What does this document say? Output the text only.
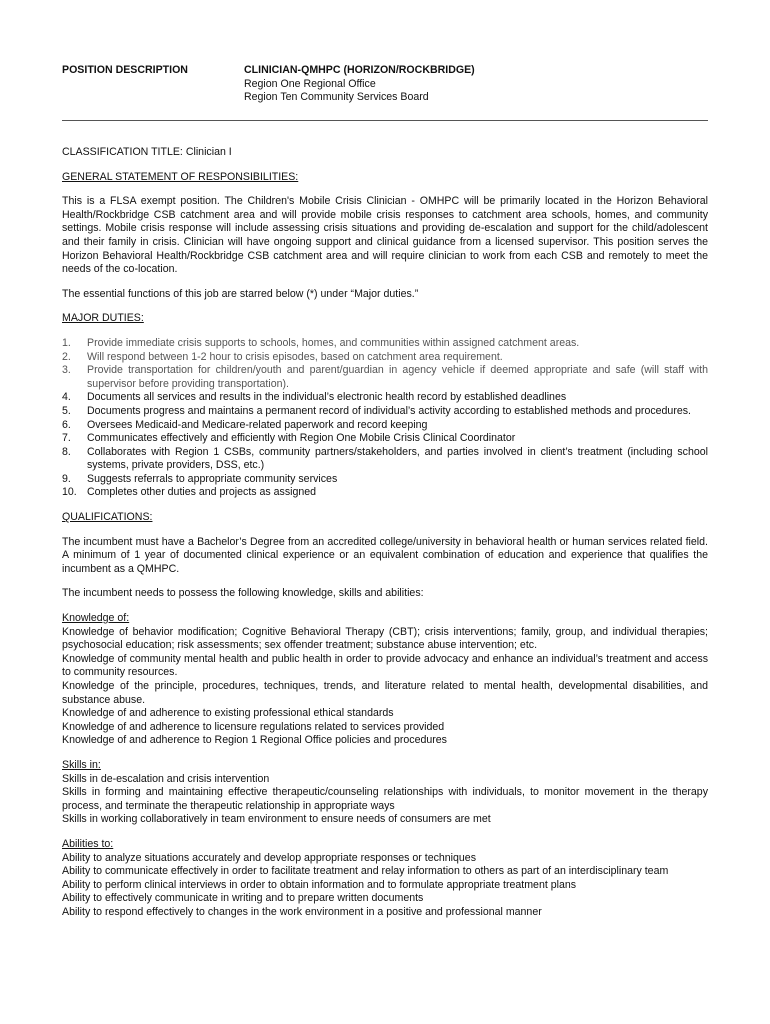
POSITION DESCRIPTION	CLINICIAN-QMHPC (HORIZON/ROCKBRIDGE)
Region One Regional Office
Region Ten Community Services Board
CLASSIFICATION TITLE: Clinician I
GENERAL STATEMENT OF RESPONSIBILITIES:

This is a FLSA exempt position. The Children's Mobile Crisis Clinician - OMHPC will be primarily located in the Horizon Behavioral Health/Rockbridge CSB catchment area and will provide mobile crisis responses to catchment area schools, homes, and community settings. Mobile crisis response will include assessing crisis situations and providing de-escalation and support for the child/adolescent and their family in crisis. Clinician will have ongoing support and clinical guidance from a licensed supervisor. This position serves the Horizon Behavioral Health/Rockbridge CSB catchment area and will require clinician to work from each CSB and remotely to meet the needs of the co-location.

The essential functions of this job are starred below (*) under “Major duties.”

MAJOR DUTIES:
1.	Provide immediate crisis supports to schools, homes, and communities within assigned catchment areas.
2.	Will respond between 1-2 hour to crisis episodes, based on catchment area requirement.
3.	Provide transportation for children/youth and parent/guardian in agency vehicle if deemed appropriate and safe (will staff with supervisor before providing transportation).
4.	Documents all services and results in the individual’s electronic health record by established deadlines
5.	Documents progress and maintains a permanent record of individual’s activity according to established methods and procedures.
6.	Oversees Medicaid-and Medicare-related paperwork and record keeping
7.	Communicates effectively and efficiently with Region One Mobile Crisis Clinical Coordinator
8.	Collaborates with Region 1 CSBs, community partners/stakeholders, and parties involved in client’s treatment (including school systems, private providers, DSS, etc.)
9.	Suggests referrals to appropriate community services
10. Completes other duties and projects as assigned
QUALIFICATIONS:

The incumbent must have a Bachelor’s Degree from an accredited college/university in behavioral health or human services related field. A minimum of 1 year of documented clinical experience or an equivalent combination of education and experience that qualifies the incumbent as a QMHPC.

The incumbent needs to possess the following knowledge, skills and abilities:

Knowledge of:
Knowledge of behavior modification; Cognitive Behavioral Therapy (CBT); crisis interventions; family, group, and individual therapies; psychosocial education; risk assessments; sex offender treatment; substance abuse intervention; etc.
Knowledge of community mental health and public health in order to provide advocacy and enhance an individual’s treatment and access to community resources.
Knowledge of the principle, procedures, techniques, trends, and literature related to mental health, developmental disabilities, and substance abuse.
Knowledge of and adherence to existing professional ethical standards
Knowledge of and adherence to licensure regulations related to services provided
Knowledge of and adherence to Region 1 Regional Office policies and procedures
Skills in:
Skills in de-escalation and crisis intervention
Skills in forming and maintaining effective therapeutic/counseling relationships with individuals, to monitor movement in the therapy process, and terminate the therapeutic relationship in appropriate ways
Skills in working collaboratively in team environment to ensure needs of consumers are met
Abilities to:
Ability to analyze situations accurately and develop appropriate responses or techniques
Ability to communicate effectively in order to facilitate treatment and relay information to others as part of an interdisciplinary team
Ability to perform clinical interviews in order to obtain information and to formulate appropriate treatment plans
Ability to effectively communicate in writing and to prepare written documents
Ability to respond effectively to changes in the work environment in a positive and professional manner
